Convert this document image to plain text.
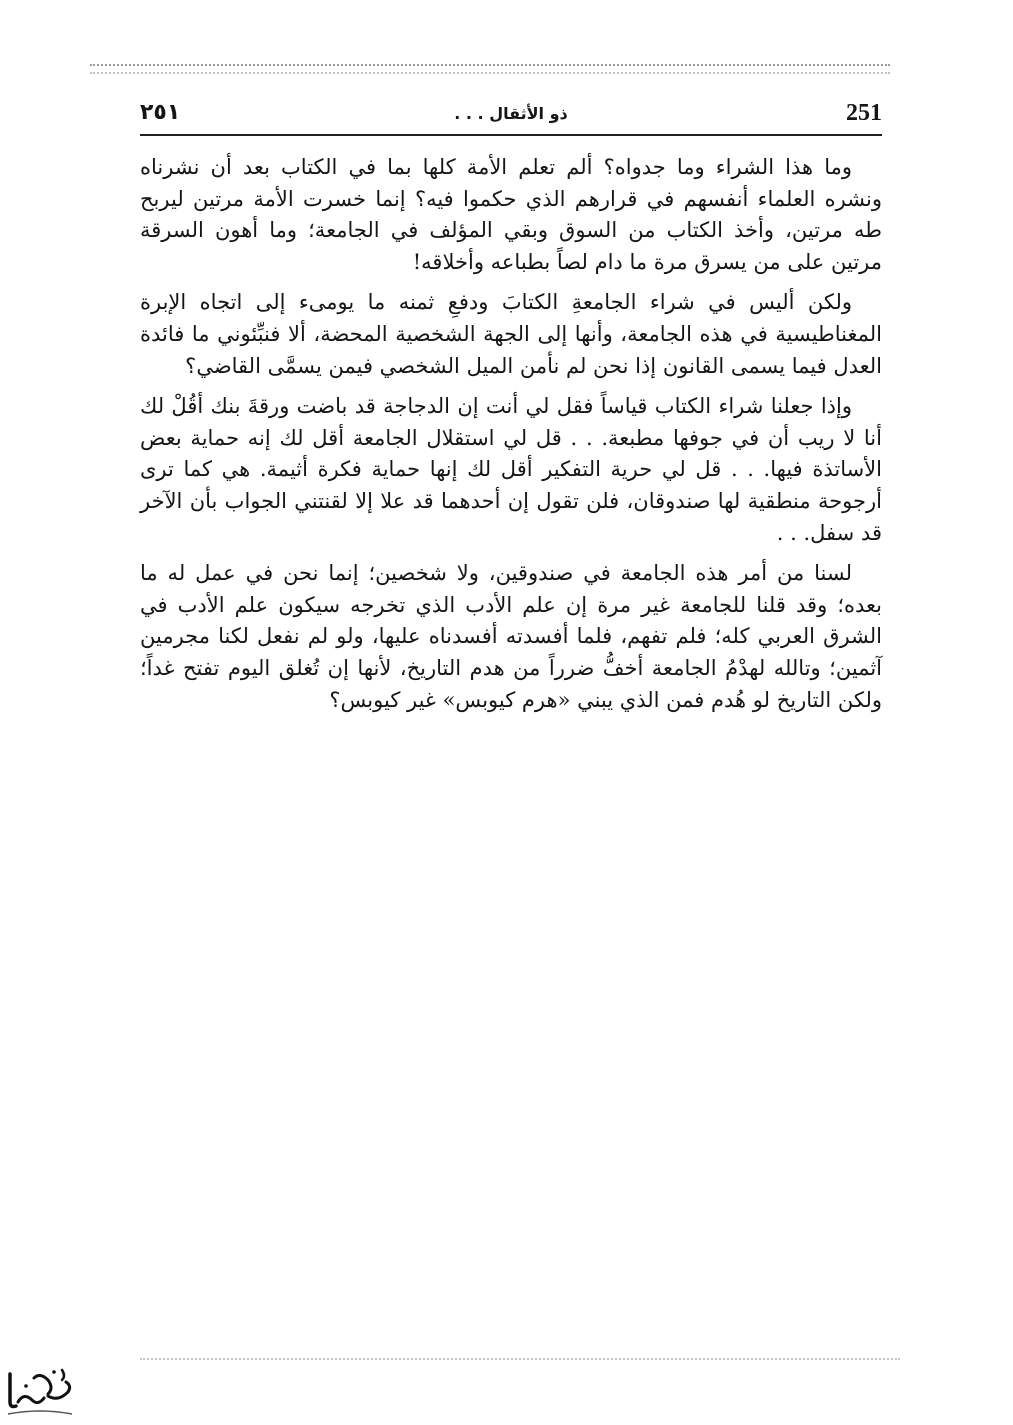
251
ذو الأثقال . . .
٢٥١

وما هذا الشراء وما جدواه؟ ألم تعلم الأمة كلها بما في الكتاب بعد أن نشرناه ونشره العلماء أنفسهم في قرارهم الذي حكموا فيه؟ إنما خسرت الأمة مرتين ليربح طه مرتين، وأخذ الكتاب من السوق وبقي المؤلف في الجامعة؛ وما أهون السرقة مرتين على من يسرق مرة ما دام لصاً بطباعه وأخلاقه!

ولكن أليس في شراء الجامعةِ الكتابَ ودفعِ ثمنه ما يومىء إلى اتجاه الإبرة المغناطيسية في هذه الجامعة، وأنها إلى الجهة الشخصية المحضة، ألا فنبِّئوني ما فائدة العدل فيما يسمى القانون إذا نحن لم نأمن الميل الشخصي فيمن يسمَّى القاضي؟

وإذا جعلنا شراء الكتاب قياساً فقل لي أنت إن الدجاجة قد باضت ورقةَ بنك أقُلْ لك أنا لا ريب أن في جوفها مطبعة. . . قل لي استقلال الجامعة أقل لك إنه حماية بعض الأساتذة فيها. . . قل لي حرية التفكير أقل لك إنها حماية فكرة أثيمة. هي كما ترى أرجوحة منطقية لها صندوقان، فلن تقول إن أحدهما قد علا إلا لقنتني الجواب بأن الآخر قد سفل. . .

لسنا من أمر هذه الجامعة في صندوقين، ولا شخصين؛ إنما نحن في عمل له ما بعده؛ وقد قلنا للجامعة غير مرة إن علم الأدب الذي تخرجه سيكون علم الأدب في الشرق العربي كله؛ فلم تفهم، فلما أفسدته أفسدناه عليها، ولو لم نفعل لكنا مجرمين آثمين؛ وتالله لهدْمُ الجامعة أخفُّ ضرراً من هدم التاريخ، لأنها إن تُغلق اليوم تفتح غداً؛ ولكن التاريخ لو هُدم فمن الذي يبني «هرم كيوبس» غير كيوبس؟
